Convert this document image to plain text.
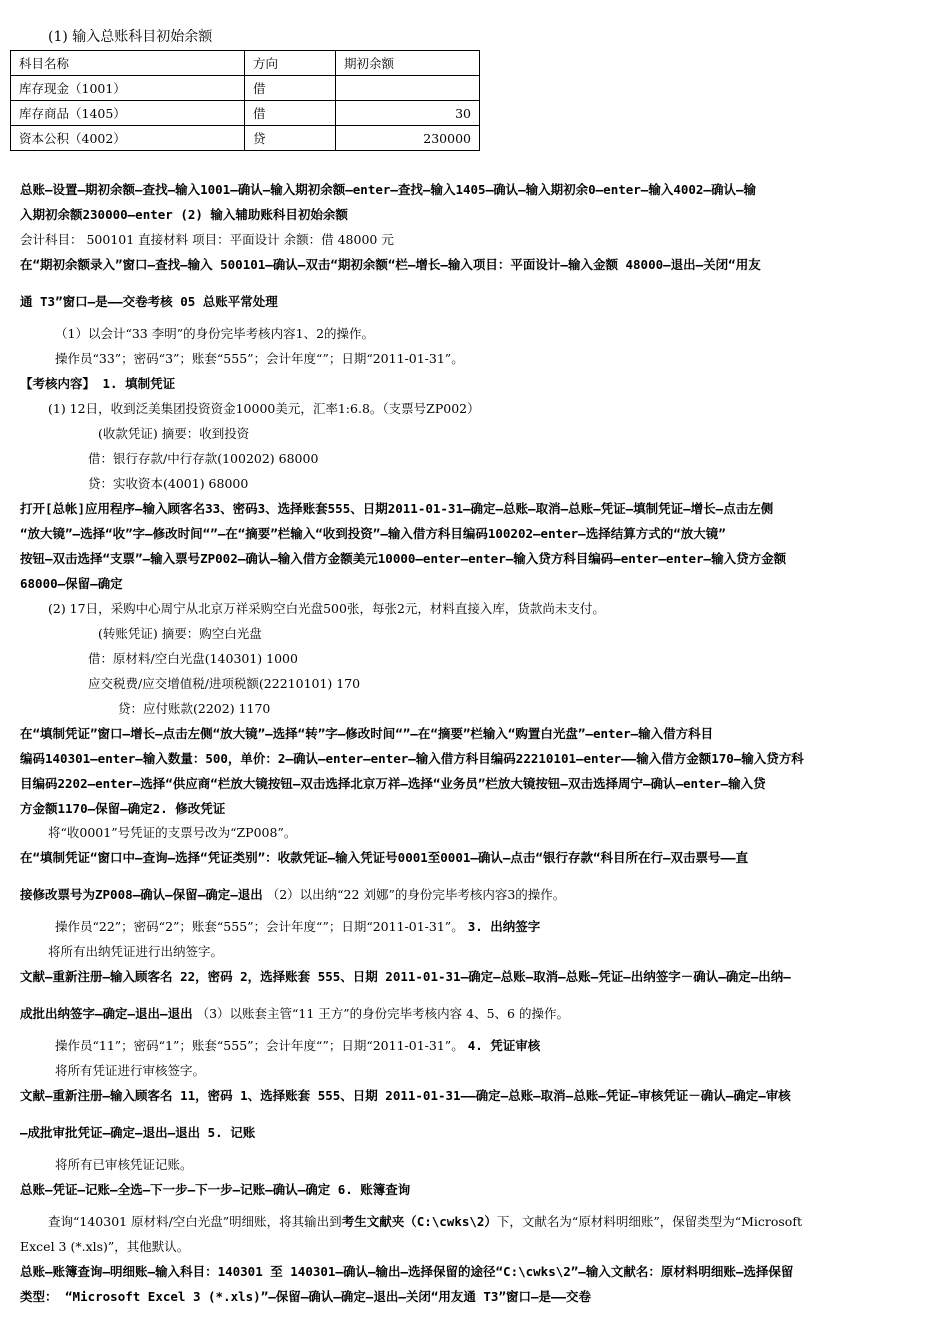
(1) 输入总账科目初始余额
科目名称	方向	期初余额
库存现金（1001）	借	
库存商品（1405）	借	30
资本公积（4002）	贷	230000
总账—设置—期初余额—查找—输入1001—确认—输入期初余额—enter—查找—输入1405—确认—输入期初余0—enter—输入4002—确认—输
入期初余额230000—enter (2) 输入辅助账科目初始余额
会计科目： 500101 直接材料 项目：平面设计 余额：借 48000 元
在“期初余额录入”窗口—查找—输入 500101—确认—双击“期初余额“栏—增长—输入项目：平面设计—输入金额 48000—退出—关闭“用友
通 T3”窗口—是——交卷考核 05 总账平常处理
（1）以会计“33 李明”的身份完毕考核内容1、2的操作。
操作员“33”；密码“3”；账套“555”；会计年度“”；日期“2011-01-31”。
【考核内容】 1. 填制凭证
(1) 12日，收到泛美集团投资资金10000美元，汇率1:6.8。（支票号ZP002）
(收款凭证) 摘要：收到投资
借：银行存款/中行存款(100202) 68000
贷：实收资本(4001) 68000
打开[总帐]应用程序—输入顾客名33、密码3、选择账套555、日期2011-01-31—确定—总账—取消—总账—凭证—填制凭证—增长—点击左侧
“放大镜”—选择“收”字—修改时间“”—在“摘要”栏输入“收到投资”—输入借方科目编码100202—enter—选择结算方式的“放大镜”
按钮—双击选择“支票”—输入票号ZP002—确认—输入借方金额美元10000—enter—enter—输入贷方科目编码—enter—enter—输入贷方金额
68000—保留—确定
(2) 17日，采购中心周宁从北京万祥采购空白光盘500张，每张2元，材料直接入库，货款尚未支付。
(转账凭证) 摘要：购空白光盘
借：原材料/空白光盘(140301) 1000
应交税费/应交增值税/进项税额(22210101) 170
贷：应付账款(2202) 1170
在“填制凭证”窗口—增长—点击左侧“放大镜”—选择“转”字—修改时间“”—在“摘要”栏输入“购置白光盘”—enter—输入借方科目
编码140301—enter—输入数量：500，单价：2—确认—enter—enter—输入借方科目编码22210101—enter——输入借方金额170—输入贷方科
目编码2202—enter—选择“供应商“栏放大镜按钮—双击选择北京万祥—选择“业务员”栏放大镜按钮—双击选择周宁—确认—enter—输入贷
方金额1170—保留—确定2. 修改凭证
将“收0001”号凭证的支票号改为“ZP008”。
在“填制凭证“窗口中—查询—选择“凭证类别”：收款凭证—输入凭证号0001至0001—确认—点击“银行存款“科目所在行—双击票号——直
接修改票号为ZP008—确认—保留—确定—退出 （2）以出纳“22 刘娜”的身份完毕考核内容3的操作。
操作员“22”；密码“2”；账套“555”；会计年度“”；日期“2011-01-31”。 3. 出纳签字
将所有出纳凭证进行出纳签字。
文献—重新注册—输入顾客名 22，密码 2，选择账套 555、日期 2011-01-31—确定—总账—取消—总账—凭证—出纳签字－确认—确定—出纳—
成批出纳签字—确定—退出—退出 （3）以账套主管“11 王方”的身份完毕考核内容 4、5、6 的操作。
操作员“11”；密码“1”；账套“555”；会计年度“”；日期“2011-01-31”。 4. 凭证审核
将所有凭证进行审核签字。
文献—重新注册—输入顾客名 11，密码 1、选择账套 555、日期 2011-01-31——确定—总账—取消—总账—凭证—审核凭证－确认—确定—审核
—成批审批凭证—确定—退出—退出 5. 记账
将所有已审核凭证记账。
总账—凭证—记账—全选—下一步—下一步—记账—确认—确定 6. 账簿查询
查询“140301 原材料/空白光盘”明细账，将其输出到考生文献夹（C:\cwks\2）下，文献名为“原材料明细账”，保留类型为“Microsoft
Excel 3 (*.xls)”，其他默认。
总账—账簿查询—明细账—输入科目：140301 至 140301—确认—输出—选择保留的途径“C:\cwks\2”—输入文献名：原材料明细账—选择保留
类型： “Microsoft Excel 3 (*.xls)”—保留—确认—确定—退出—关闭“用友通 T3”窗口—是——交卷
